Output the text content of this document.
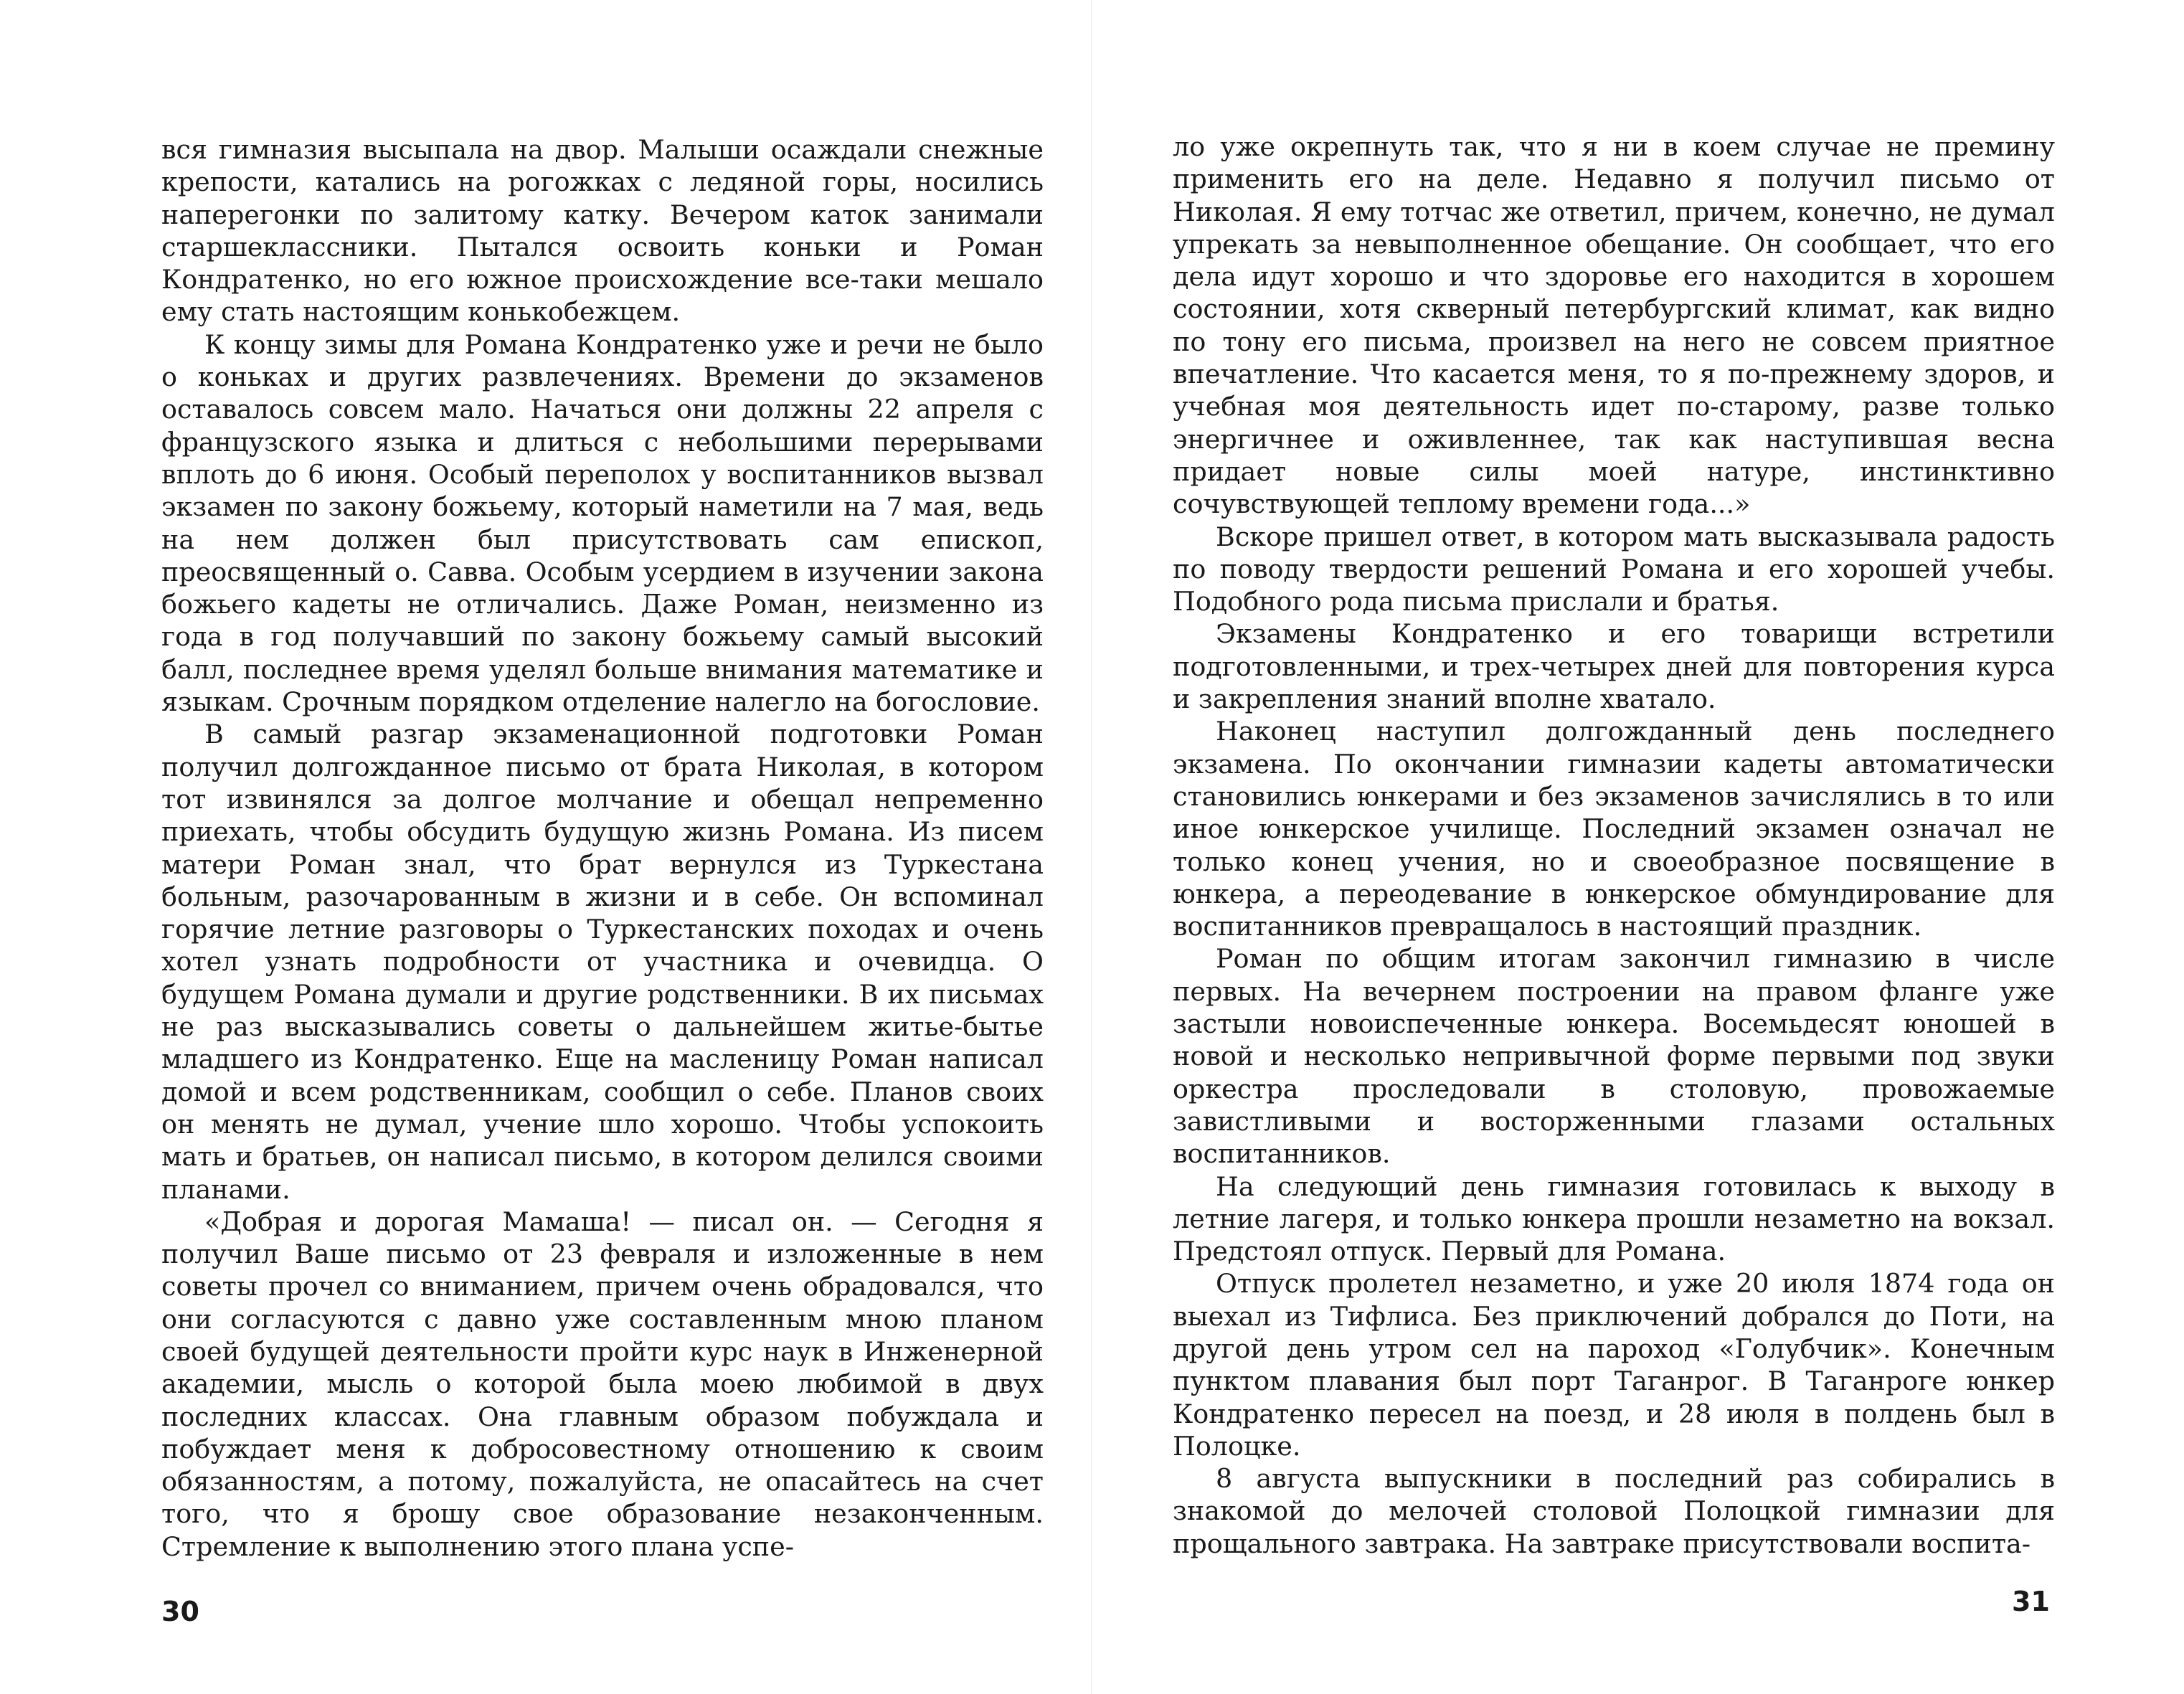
вся гимназия высыпала на двор. Малыши осаждали снежные крепости, катались на рогожках с ледяной горы, носились наперегонки по залитому катку. Вечером каток занимали старшеклассники. Пытался освоить коньки и Роман Кондратенко, но его южное происхождение все-таки мешало ему стать настоящим конькобежцем.

К концу зимы для Романа Кондратенко уже и речи не было о коньках и других развлечениях. Времени до экзаменов оставалось совсем мало. Начаться они должны 22 апреля с французского языка и длиться с небольшими перерывами вплоть до 6 июня. Особый переполох у воспитанников вызвал экзамен по закону божьему, который наметили на 7 мая, ведь на нем должен был присутствовать сам епископ, преосвященный о. Савва. Особым усердием в изучении закона божьего кадеты не отличались. Даже Роман, неизменно из года в год получавший по закону божьему самый высокий балл, последнее время уделял больше внимания математике и языкам. Срочным порядком отделение налегло на богословие.

В самый разгар экзаменационной подготовки Роман получил долгожданное письмо от брата Николая, в котором тот извинялся за долгое молчание и обещал непременно приехать, чтобы обсудить будущую жизнь Романа. Из писем матери Роман знал, что брат вернулся из Туркестана больным, разочарованным в жизни и в себе. Он вспоминал горячие летние разговоры о Туркестанских походах и очень хотел узнать подробности от участника и очевидца. О будущем Романа думали и другие родственники. В их письмах не раз высказывались советы о дальнейшем житье-бытье младшего из Кондратенко. Еще на масленицу Роман написал домой и всем родственникам, сообщил о себе. Планов своих он менять не думал, учение шло хорошо. Чтобы успокоить мать и братьев, он написал письмо, в котором делился своими планами.

«Добрая и дорогая Мамаша! — писал он. — Сегодня я получил Ваше письмо от 23 февраля и изложенные в нем советы прочел со вниманием, причем очень обрадовался, что они согласуются с давно уже составленным мною планом своей будущей деятельности пройти курс наук в Инженерной академии, мысль о которой была моею любимой в двух последних классах. Она главным образом побуждала и побуждает меня к добросовестному отношению к своим обязанностям, а потому, пожалуйста, не опасайтесь на счет того, что я брошу свое образование незаконченным. Стремление к выполнению этого плана успе-

30

ло уже окрепнуть так, что я ни в коем случае не премину применить его на деле. Недавно я получил письмо от Николая. Я ему тотчас же ответил, причем, конечно, не думал упрекать за невыполненное обещание. Он сообщает, что его дела идут хорошо и что здоровье его находится в хорошем состоянии, хотя скверный петербургский климат, как видно по тону его письма, произвел на него не совсем приятное впечатление. Что касается меня, то я по-прежнему здоров, и учебная моя деятельность идет по-старому, разве только энергичнее и оживленнее, так как наступившая весна придает новые силы моей натуре, инстинктивно сочувствующей теплому времени года...»

Вскоре пришел ответ, в котором мать высказывала радость по поводу твердости решений Романа и его хорошей учебы. Подобного рода письма прислали и братья.

Экзамены Кондратенко и его товарищи встретили подготовленными, и трех-четырех дней для повторения курса и закрепления знаний вполне хватало.

Наконец наступил долгожданный день последнего экзамена. По окончании гимназии кадеты автоматически становились юнкерами и без экзаменов зачислялись в то или иное юнкерское училище. Последний экзамен означал не только конец учения, но и своеобразное посвящение в юнкера, а переодевание в юнкерское обмундирование для воспитанников превращалось в настоящий праздник.

Роман по общим итогам закончил гимназию в числе первых. На вечернем построении на правом фланге уже застыли новоиспеченные юнкера. Восемьдесят юношей в новой и несколько непривычной форме первыми под звуки оркестра проследовали в столовую, провожаемые завистливыми и восторженными глазами остальных воспитанников.

На следующий день гимназия готовилась к выходу в летние лагеря, и только юнкера прошли незаметно на вокзал. Предстоял отпуск. Первый для Романа.

Отпуск пролетел незаметно, и уже 20 июля 1874 года он выехал из Тифлиса. Без приключений добрался до Поти, на другой день утром сел на пароход «Голубчик». Конечным пунктом плавания был порт Таганрог. В Таганроге юнкер Кондратенко пересел на поезд, и 28 июля в полдень был в Полоцке.

8 августа выпускники в последний раз собирались в знакомой до мелочей столовой Полоцкой гимназии для прощального завтрака. На завтраке присутствовали воспита-

31
